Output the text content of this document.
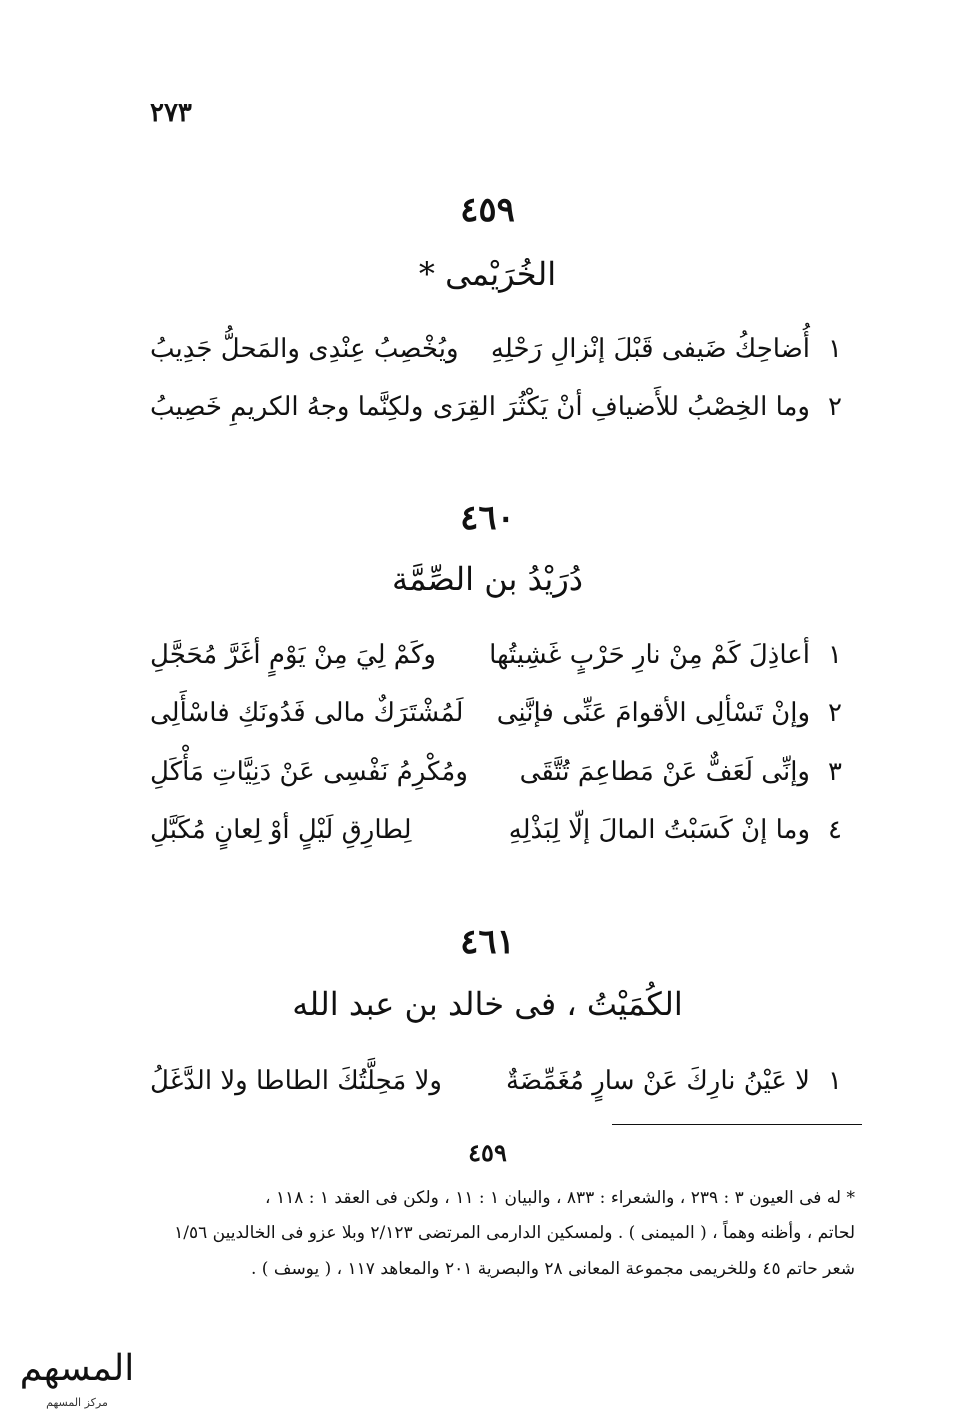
٢٧٣
٤٥٩
الخُرَيْمى *
١
أُضاحِكُ ضَيفى قَبْلَ إنْزالِ رَحْلِهِ
ويُخْصِبُ عِنْدِى والمَحلُّ جَدِيبُ
٢
وما الخِصْبُ للأَضيافِ أنْ يَكْثُرَ القِرَى
ولكِنَّما وجهُ الكريمِ خَصِيبُ
٤٦٠
دُرَيْدُ بن الصِّمَّة
١
أعاذِلَ كَمْ مِنْ نارِ حَرْبٍ غَشِيتُها
وكَمْ لِيَ مِنْ يَوْمٍ أغَرَّ مُحَجَّلِ
٢
وإنْ تَسْألِى الأقوامَ عَنِّى فإنَّنِى
لَمُشْتَرَكٌ مالى فَدُونَكِ فاسْأَلِى
٣
وإنِّى لَعَفٌّ عَنْ مَطاعِمَ تُتَّقَى
ومُكْرِمُ نَفْسِى عَنْ دَنِيَّاتِ مَأْكَلِ
٤
وما إنْ كَسَبْتُ المالَ إلّا لِبَذْلِهِ
لِطارِقِ لَيْلٍ أوْ لِعانٍ مُكَبَّلِ
٤٦١
الكُمَيْتُ ، فى خالد بن عبد الله
١
لا عَيْنُ نارِكَ عَنْ سارٍ مُغَمِّضَةٌ
ولا مَحِلَّتُكَ الطاطا ولا الدَّغَلُ
٤٥٩
* له فى العيون ٣ : ٢٣٩ ، والشعراء : ٨٣٣ ، والبيان ١ : ١١ ، ولكن فى العقد ١ : ١١٨ ،
لحاتم ، وأظنه وهماً ، ( الميمنى ) . ولمسكين الدارمى المرتضى ٢/١٢٣ وبلا عزو فى الخالديين ١/٥٦
شعر حاتم ٤٥ وللخريمى مجموعة المعانى ٢٨ والبصرية ٢٠١ والمعاهد ١١٧ ، ( يوسف ) .
المسهم
مركز المسهم
